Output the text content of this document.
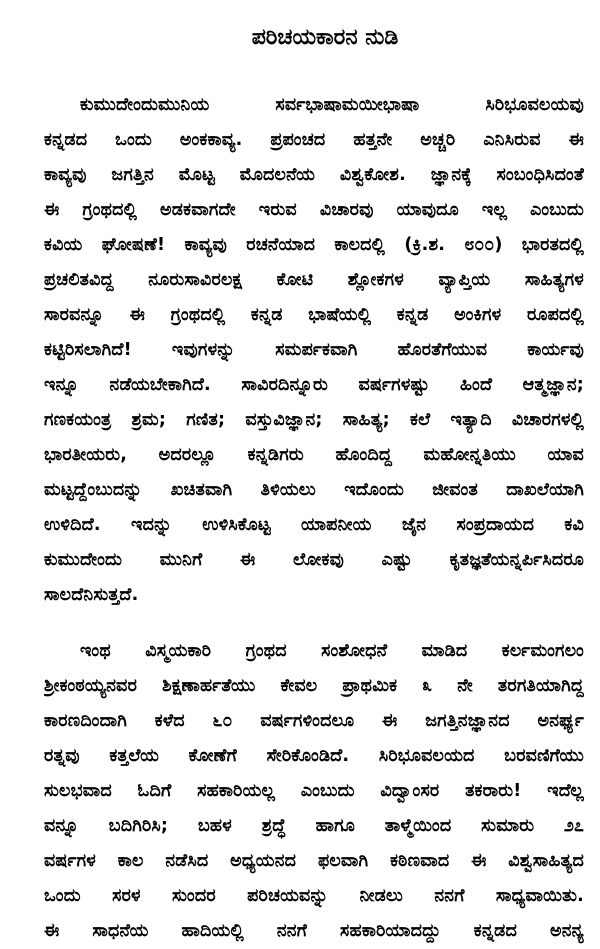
ಪರಿಚಯಕಾರನ ನುಡಿ
ಕುಮುದೇಂದುಮುನಿಯ ಸರ್ವಭಾಷಾಮಯೀಭಾಷಾ ಸಿರಿಭೂವಲಯವು
ಕನ್ನಡದ ಒಂದು ಅಂಕಕಾವ್ಯ. ಪ್ರಪಂಚದ ಹತ್ತನೇ ಅಚ್ಚರಿ ಎನಿಸಿರುವ ಈ
ಕಾವ್ಯವು ಜಗತ್ತಿನ ಮೊಟ್ಟ ಮೊದಲನೆಯ ವಿಶ್ವಕೋಶ. ಜ್ಞಾನಕ್ಕೆ ಸಂಬಂಧಿಸಿದಂತೆ
ಈ ಗ್ರಂಥದಲ್ಲಿ ಅಡಕವಾಗದೇ ಇರುವ ವಿಚಾರವು ಯಾವುದೂ ಇಲ್ಲ ಎಂಬುದು
ಕವಿಯ ಘೋಷಣೆ! ಕಾವ್ಯವು ರಚನೆಯಾದ ಕಾಲದಲ್ಲಿ (ಕ್ರಿ.ಶ. ೮೦೦) ಭಾರತದಲ್ಲಿ
ಪ್ರಚಲಿತವಿದ್ದ ನೂರುಸಾವಿರಲಕ್ಷ ಕೋಟಿ ಶ್ಲೋಕಗಳ ವ್ಯಾಪ್ತಿಯ ಸಾಹಿತ್ಯಗಳ
ಸಾರವನ್ನೂ ಈ ಗ್ರಂಥದಲ್ಲಿ ಕನ್ನಡ ಭಾಷೆಯಲ್ಲಿ ಕನ್ನಡ ಅಂಕಿಗಳ ರೂಪದಲ್ಲಿ
ಕಟ್ಟಿರಿಸಲಾಗಿದೆ! ಇವುಗಳನ್ನು ಸಮರ್ಪಕವಾಗಿ ಹೊರತೆಗೆಯುವ ಕಾರ್ಯವು
ಇನ್ನೂ ನಡೆಯಬೇಕಾಗಿದೆ. ಸಾವಿರದಿನ್ನೂರು ವರ್ಷಗಳಷ್ಟು ಹಿಂದೆ ಆತ್ಮಜ್ಞಾನ;
ಗಣಕಯಂತ್ರ ಶ್ರಮ; ಗಣಿತ; ವಸ್ತುವಿಜ್ಞಾನ; ಸಾಹಿತ್ಯ; ಕಲೆ ಇತ್ಯಾದಿ ವಿಚಾರಗಳಲ್ಲಿ
ಭಾರತೀಯರು, ಅದರಲ್ಲೂ ಕನ್ನಡಿಗರು ಹೊಂದಿದ್ದ ಮಹೋನ್ನತಿಯು ಯಾವ
ಮಟ್ಟದ್ದೆಂಬುದನ್ನು ಖಚಿತವಾಗಿ ತಿಳಿಯಲು ಇದೊಂದು ಜೀವಂತ ದಾಖಲೆಯಾಗಿ
ಉಳಿದಿದೆ. ಇದನ್ನು ಉಳಿಸಿಕೊಟ್ಟ ಯಾಪನೀಯ ಜೈನ ಸಂಪ್ರದಾಯದ ಕವಿ
ಕುಮುದೇಂದು ಮುನಿಗೆ ಈ ಲೋಕವು ಎಷ್ಟು ಕೃತಜ್ಞತೆಯನ್ನರ್ಪಿಸಿದರೂ
ಸಾಲದೆನಿಸುತ್ತದೆ.
ಇಂಥ ವಿಸ್ಮಯಕಾರಿ ಗ್ರಂಥದ ಸಂಶೋಧನೆ ಮಾಡಿದ ಕರ್ಲಮಂಗಲಂ
ಶ್ರೀಕಂಠಯ್ಯನವರ ಶಿಕ್ಷಣಾರ್ಹತೆಯು ಕೇವಲ ಪ್ರಾಥಮಿಕ ೩ ನೇ ತರಗತಿಯಾಗಿದ್ದ
ಕಾರಣದಿಂದಾಗಿ ಕಳೆದ ೬೦ ವರ್ಷಗಳಿಂದಲೂ ಈ ಜಗತ್ತಿನಜ್ಞಾನದ ಅನರ್ಘ್ಯ
ರತ್ನವು ಕತ್ತಲೆಯ ಕೋಣೆಗೆ ಸೇರಿಕೊಂಡಿದೆ. ಸಿರಿಭೂವಲಯದ ಬರವಣಿಗೆಯು
ಸುಲಭವಾದ ಓದಿಗೆ ಸಹಕಾರಿಯಲ್ಲ ಎಂಬುದು ವಿದ್ವಾಂಸರ ತಕರಾರು! ಇದೆಲ್ಲ
ವನ್ನೂ ಬದಿಗಿರಿಸಿ; ಬಹಳ ಶ್ರದ್ಧೆ ಹಾಗೂ ತಾಳ್ಮೆಯಿಂದ ಸುಮಾರು ೨೭
ವರ್ಷಗಳ ಕಾಲ ನಡೆಸಿದ ಅಧ್ಯಯನದ ಫಲವಾಗಿ ಕಠಿಣವಾದ ಈ ವಿಶ್ವಸಾಹಿತ್ಯದ
ಒಂದು ಸರಳ ಸುಂದರ ಪರಿಚಯವನ್ನು ನೀಡಲು ನನಗೆ ಸಾಧ್ಯವಾಯಿತು.
ಈ ಸಾಧನೆಯ ಹಾದಿಯಲ್ಲಿ ನನಗೆ ಸಹಕಾರಿಯಾದದ್ದು ಕನ್ನಡದ ಅನನ್ಯ
